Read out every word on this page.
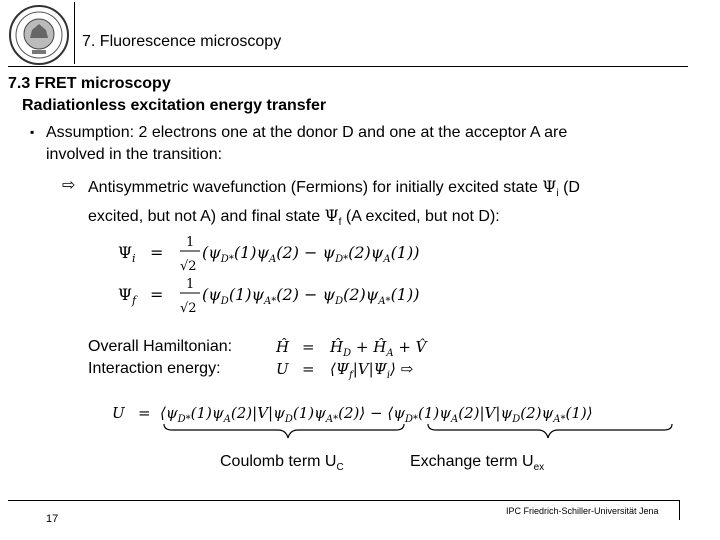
7. Fluorescence microscopy
7.3 FRET microscopy
Radiationless excitation energy transfer
▪ Assumption: 2 electrons one at the donor D and one at the acceptor A are
involved in the transition:
⇨ Antisymmetric wavefunction (Fermions) for initially excited state $\Psi_i$ (D
excited, but not A) and final state $\Psi_f$ (A excited, but not D):
$\Psi_i$ =
1
√2
$(\psi_{D*}(1)\psi_A(2) - \psi_{D*}(2)\psi_A(1))$
$\Psi_f$ =
1
√2
$(\psi_D(1)\psi_{A*}(2) - \psi_D(2)\psi_{A*}(1))$
Overall Hamiltonian:
Interaction energy:
Ĥ = $Ĥ_D$ + $Ĥ_A$ + V̂
$U = ⟨\Psi_f|V|\Psi_i⟩$ ⇨
$U = ⟨\psi_{D*}(1)\psi_A(2)|V|\psi_D(1)\psi_{A*}(2)⟩$ − $⟨\psi_{D*}(1)\psi_A(2)|V|\psi_D(2)\psi_{A*}(1)⟩$
Coulomb term $U_C$	Exchange term $U_{ex}$
17
IPC Friedrich-Schiller-Universität Jena
